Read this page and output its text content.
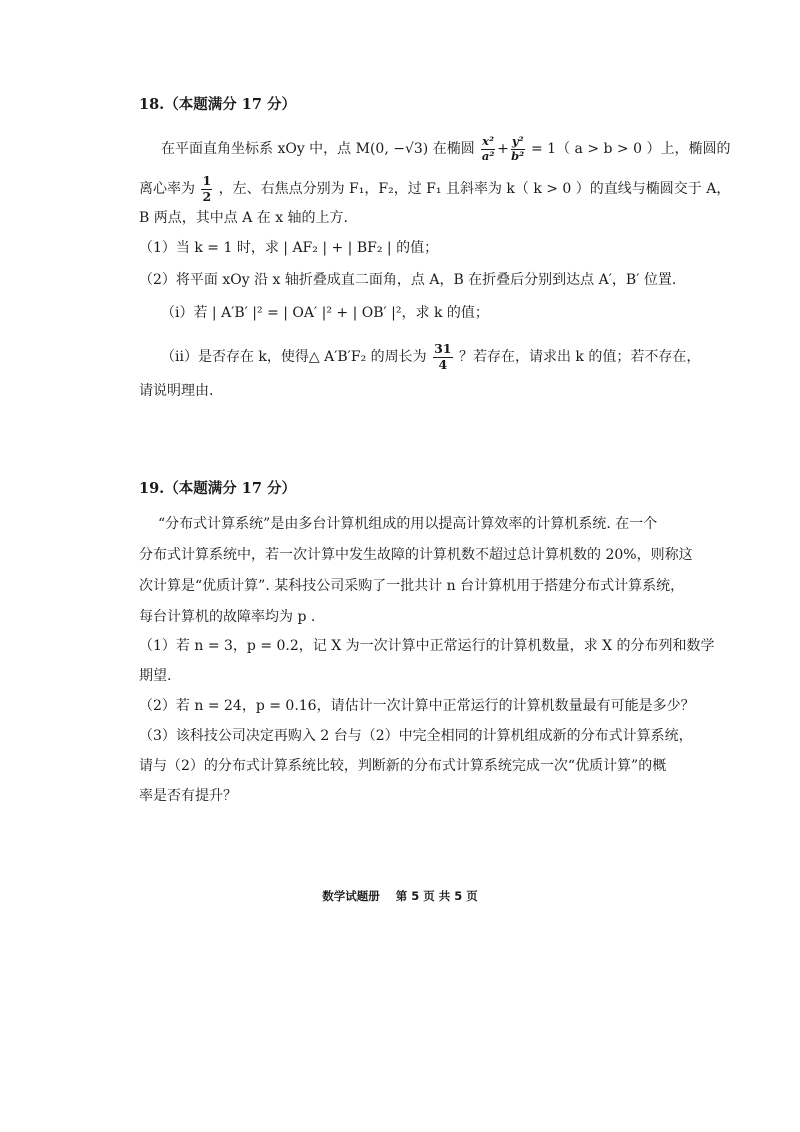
18.（本题满分 17 分）
在平面直角坐标系 xOy 中，点 M(0, −√3) 在椭圆 $\frac{\text{x²}}{\text{a²}} + \frac{\text{y²}}{\text{b²}} = 1$（ a > b > 0 ）上，椭圆的
离心率为 $\frac{1}{2}$ ，左、右焦点分别为 F₁，F₂，过 F₁ 且斜率为 k（ k > 0 ）的直线与椭圆交于 A，
B 两点，其中点 A 在 x 轴的上方.
（1）当 k = 1 时，求 | AF₂ | + | BF₂ | 的值；
（2）将平面 xOy 沿 x 轴折叠成直二面角，点 A，B 在折叠后分别到达点 A′，B′ 位置.
（ⅰ）若 | A′B′ |² = | OA′ |² + | OB′ |²，求 k 的值；
（ⅱ）是否存在 k，使得△ A′B′F₂ 的周长为 $\frac{31}{4}$ ？若存在，请求出 k 的值；若不存在，
请说明理由.
19.（本题满分 17 分）
“分布式计算系统”是由多台计算机组成的用以提高计算效率的计算机系统. 在一个
分布式计算系统中，若一次计算中发生故障的计算机数不超过总计算机数的 20%，则称这
次计算是“优质计算”. 某科技公司采购了一批共计 n 台计算机用于搭建分布式计算系统，
每台计算机的故障率均为 p .
（1）若 n = 3，p = 0.2，记 X 为一次计算中正常运行的计算机数量，求 X 的分布列和数学
期望.
（2）若 n = 24，p = 0.16，请估计一次计算中正常运行的计算机数量最有可能是多少？
（3）该科技公司决定再购入 2 台与（2）中完全相同的计算机组成新的分布式计算系统，
请与（2）的分布式计算系统比较，判断新的分布式计算系统完成一次“优质计算”的概
率是否有提升？
数学试题册 第 5 页 共 5 页
